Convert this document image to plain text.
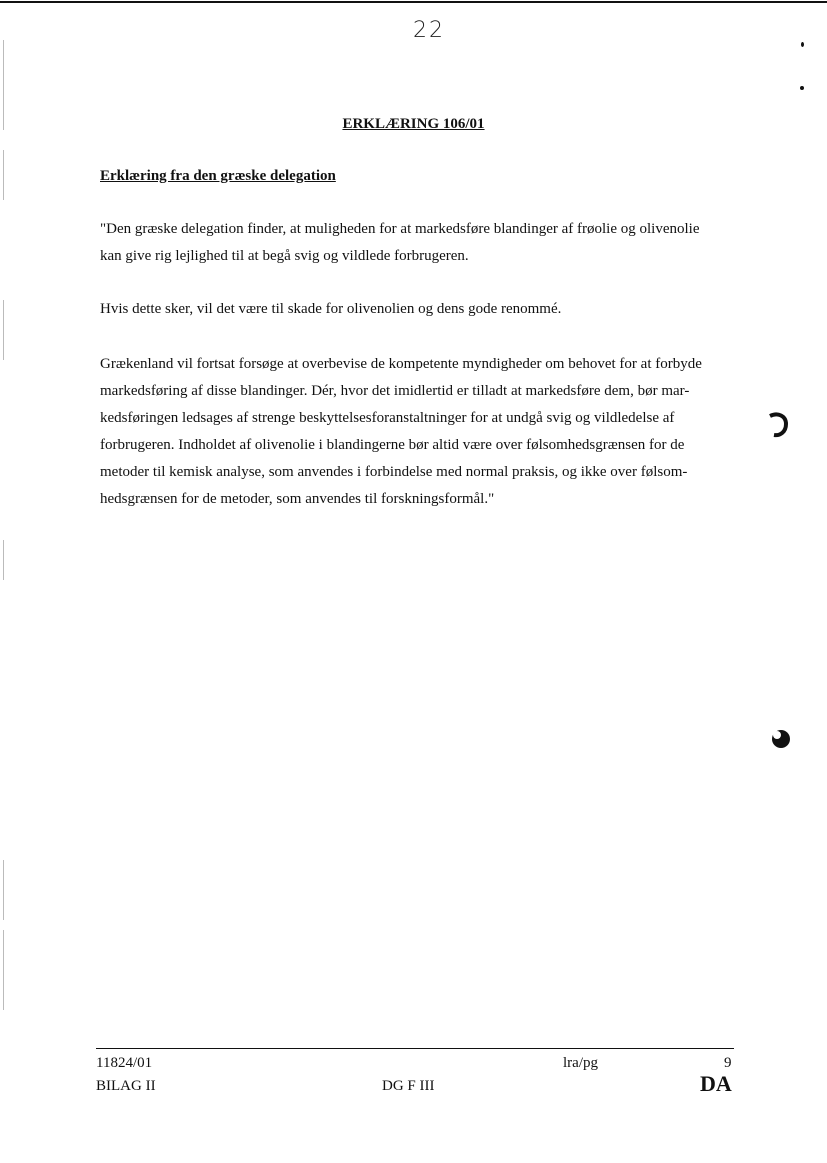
22
ERKLÆRING 106/01
Erklæring fra den græske delegation
"Den græske delegation finder, at muligheden for at markedsføre blandinger af frøolie og olivenolie
kan give rig lejlighed til at begå svig og vildlede forbrugeren.
Hvis dette sker, vil det være til skade for olivenolien og dens gode renommé.
Grækenland vil fortsat forsøge at overbevise de kompetente myndigheder om behovet for at forbyde
markedsføring af disse blandinger. Dér, hvor det imidlertid er tilladt at markedsføre dem, bør mar-
kedsføringen ledsages af strenge beskyttelsesforanstaltninger for at undgå svig og vildledelse af
forbrugeren. Indholdet af olivenolie i blandingerne bør altid være over følsomhedsgrænsen for de
metoder til kemisk analyse, som anvendes i forbindelse med normal praksis, og ikke over følsom-
hedsgrænsen for de metoder, som anvendes til forskningsformål."
11824/01	lra/pg	9
BILAG II	DG F III	DA
